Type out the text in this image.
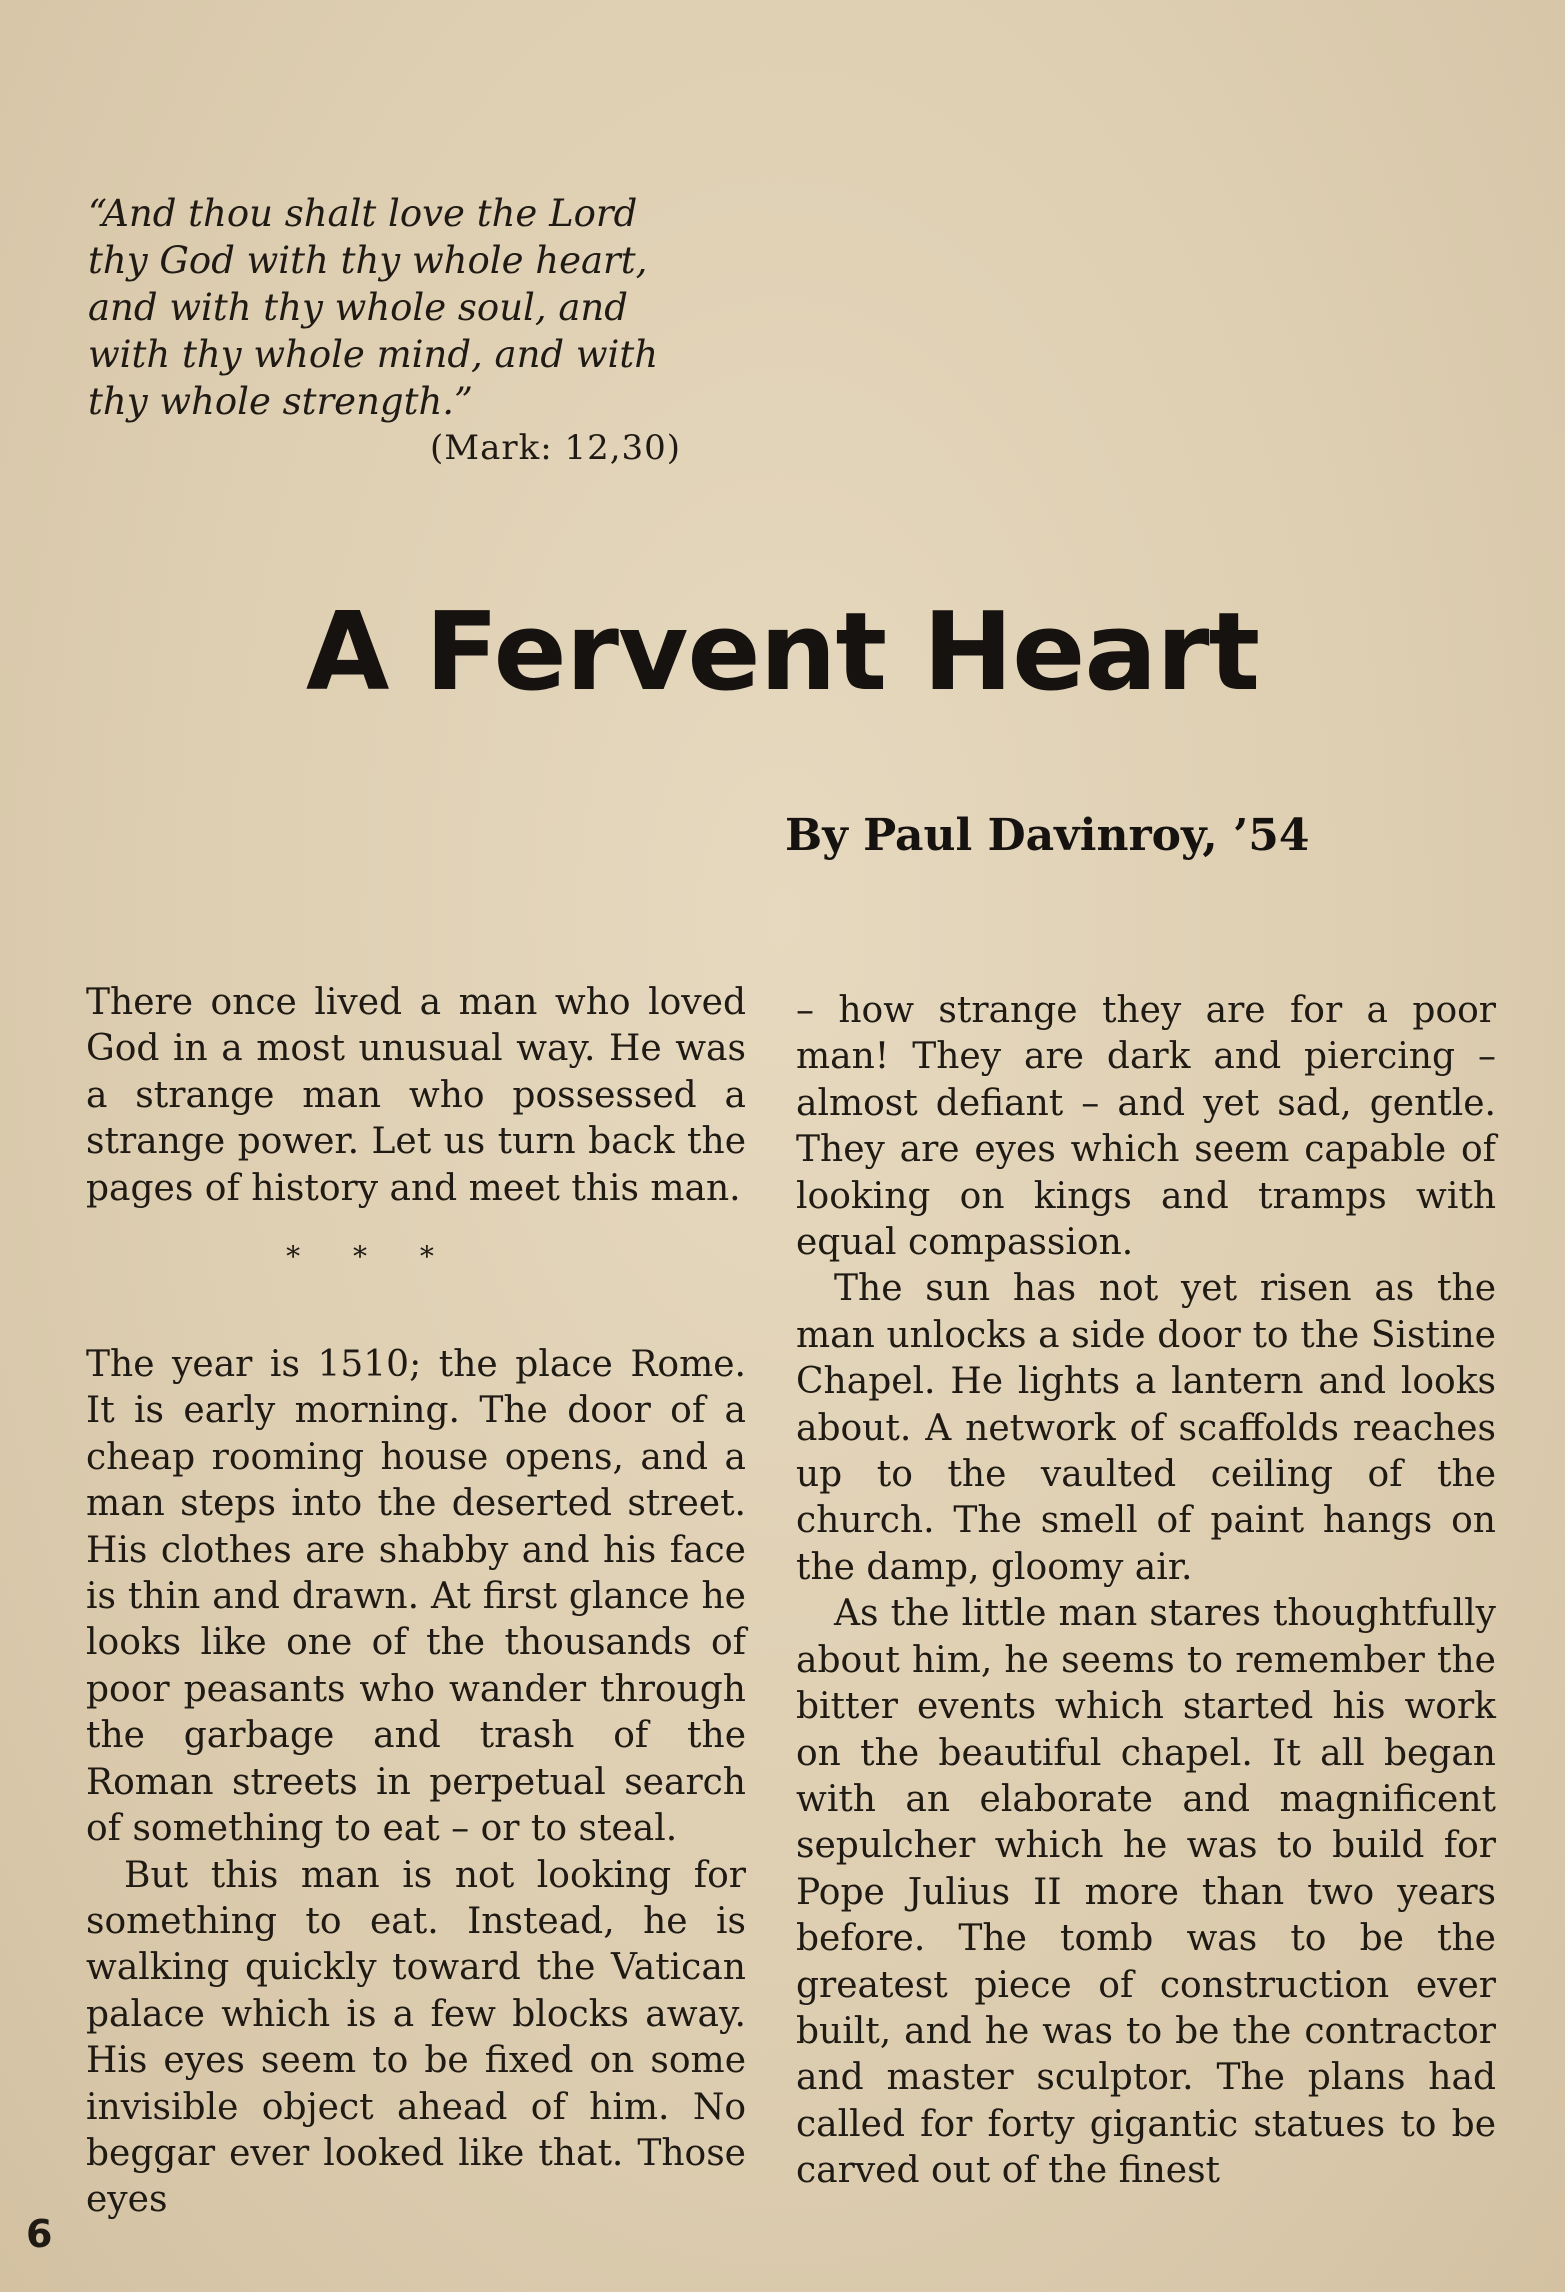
“And thou shalt love the Lord
thy God with thy whole heart,
and with thy whole soul, and
with thy whole mind, and with
thy whole strength.”
(Mark: 12,30)
A Fervent Heart
By Paul Davinroy, ’54

There once lived a man who loved God in a most unusual way. He was a strange man who possessed a strange power. Let us turn back the pages of history and meet this man.

* * *

The year is 1510; the place Rome. It is early morning. The door of a cheap rooming house opens, and a man steps into the deserted street. His clothes are shabby and his face is thin and drawn. At first glance he looks like one of the thousands of poor peasants who wander through the garbage and trash of the Roman streets in perpetual search of something to eat – or to steal.

But this man is not looking for something to eat. Instead, he is walking quickly toward the Vatican palace which is a few blocks away. His eyes seem to be fixed on some invisible object ahead of him. No beggar ever looked like that. Those eyes

– how strange they are for a poor man! They are dark and piercing – almost defiant – and yet sad, gentle. They are eyes which seem capable of looking on kings and tramps with equal compassion.

The sun has not yet risen as the man unlocks a side door to the Sistine Chapel. He lights a lantern and looks about. A network of scaffolds reaches up to the vaulted ceiling of the church. The smell of paint hangs on the damp, gloomy air.

As the little man stares thoughtfully about him, he seems to remember the bitter events which started his work on the beautiful chapel. It all began with an elaborate and magnificent sepulcher which he was to build for Pope Julius II more than two years before. The tomb was to be the greatest piece of construction ever built, and he was to be the contractor and master sculptor. The plans had called for forty gigantic statues to be carved out of the finest

6
